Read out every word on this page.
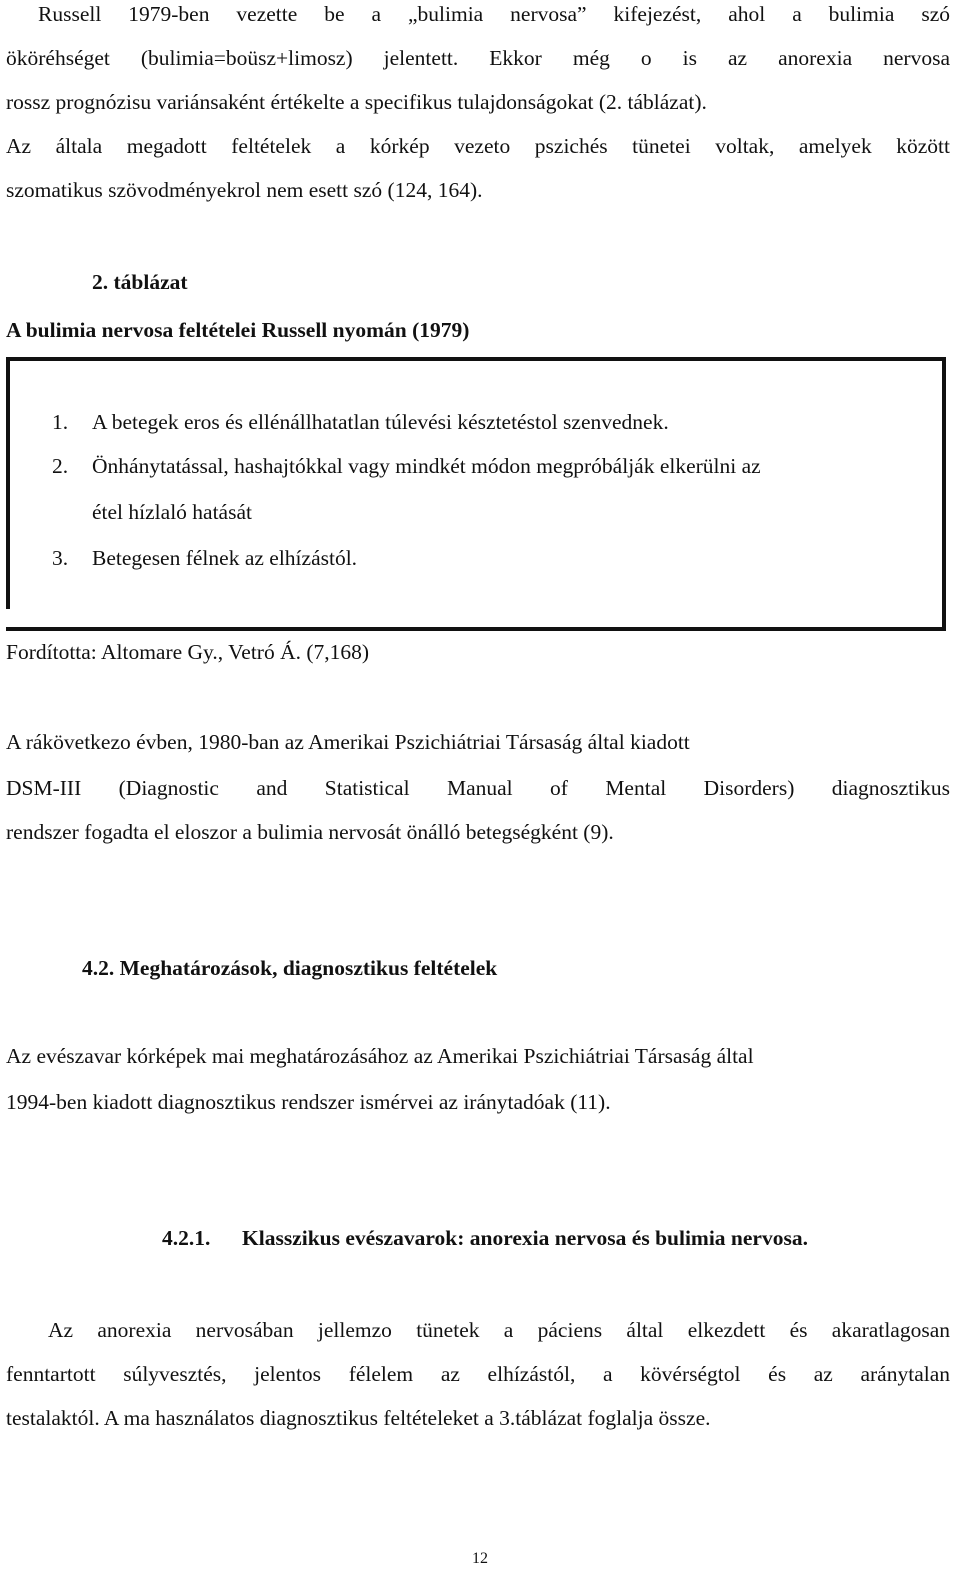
Russell 1979-ben vezette be a „bulimia nervosa” kifejezést, ahol a bulimia szó
ököréhséget (bulimia=boüsz+limosz) jelentett. Ekkor még o is az anorexia nervosa
rossz prognózisu variánsaként értékelte a specifikus tulajdonságokat (2. táblázat).
Az általa megadott feltételek a kórkép vezeto pszichés tünetei voltak, amelyek között
szomatikus szövodményekrol nem esett szó (124, 164).
2. táblázat
A bulimia nervosa feltételei Russell nyomán (1979)
1. A betegek eros és ellénállhatatlan túlevési késztetéstol szenvednek.
2. Önhánytatással, hashajtókkal vagy mindkét módon megpróbálják elkerülni az
étel hízlaló hatását
3. Betegesen félnek az elhízástól.
Fordította: Altomare Gy., Vetró Á. (7,168)
A rákövetkezo évben, 1980-ban az Amerikai Pszichiátriai Társaság által kiadott
DSM-III (Diagnostic and Statistical Manual of Mental Disorders) diagnosztikus
rendszer fogadta el eloszor a bulimia nervosát önálló betegségként (9).
4.2. Meghatározások, diagnosztikus feltételek
Az evészavar kórképek mai meghatározásához az Amerikai Pszichiátriai Társaság által
1994-ben kiadott diagnosztikus rendszer ismérvei az iránytadóak (11).
4.2.1. Klasszikus evészavarok: anorexia nervosa és bulimia nervosa.
Az anorexia nervosában jellemzo tünetek a páciens által elkezdett és akaratlagosan
fenntartott súlyvesztés, jelentos félelem az elhízástól, a kövérségtol és az aránytalan
testalaktól. A ma használatos diagnosztikus feltételeket a 3.táblázat foglalja össze.
12
